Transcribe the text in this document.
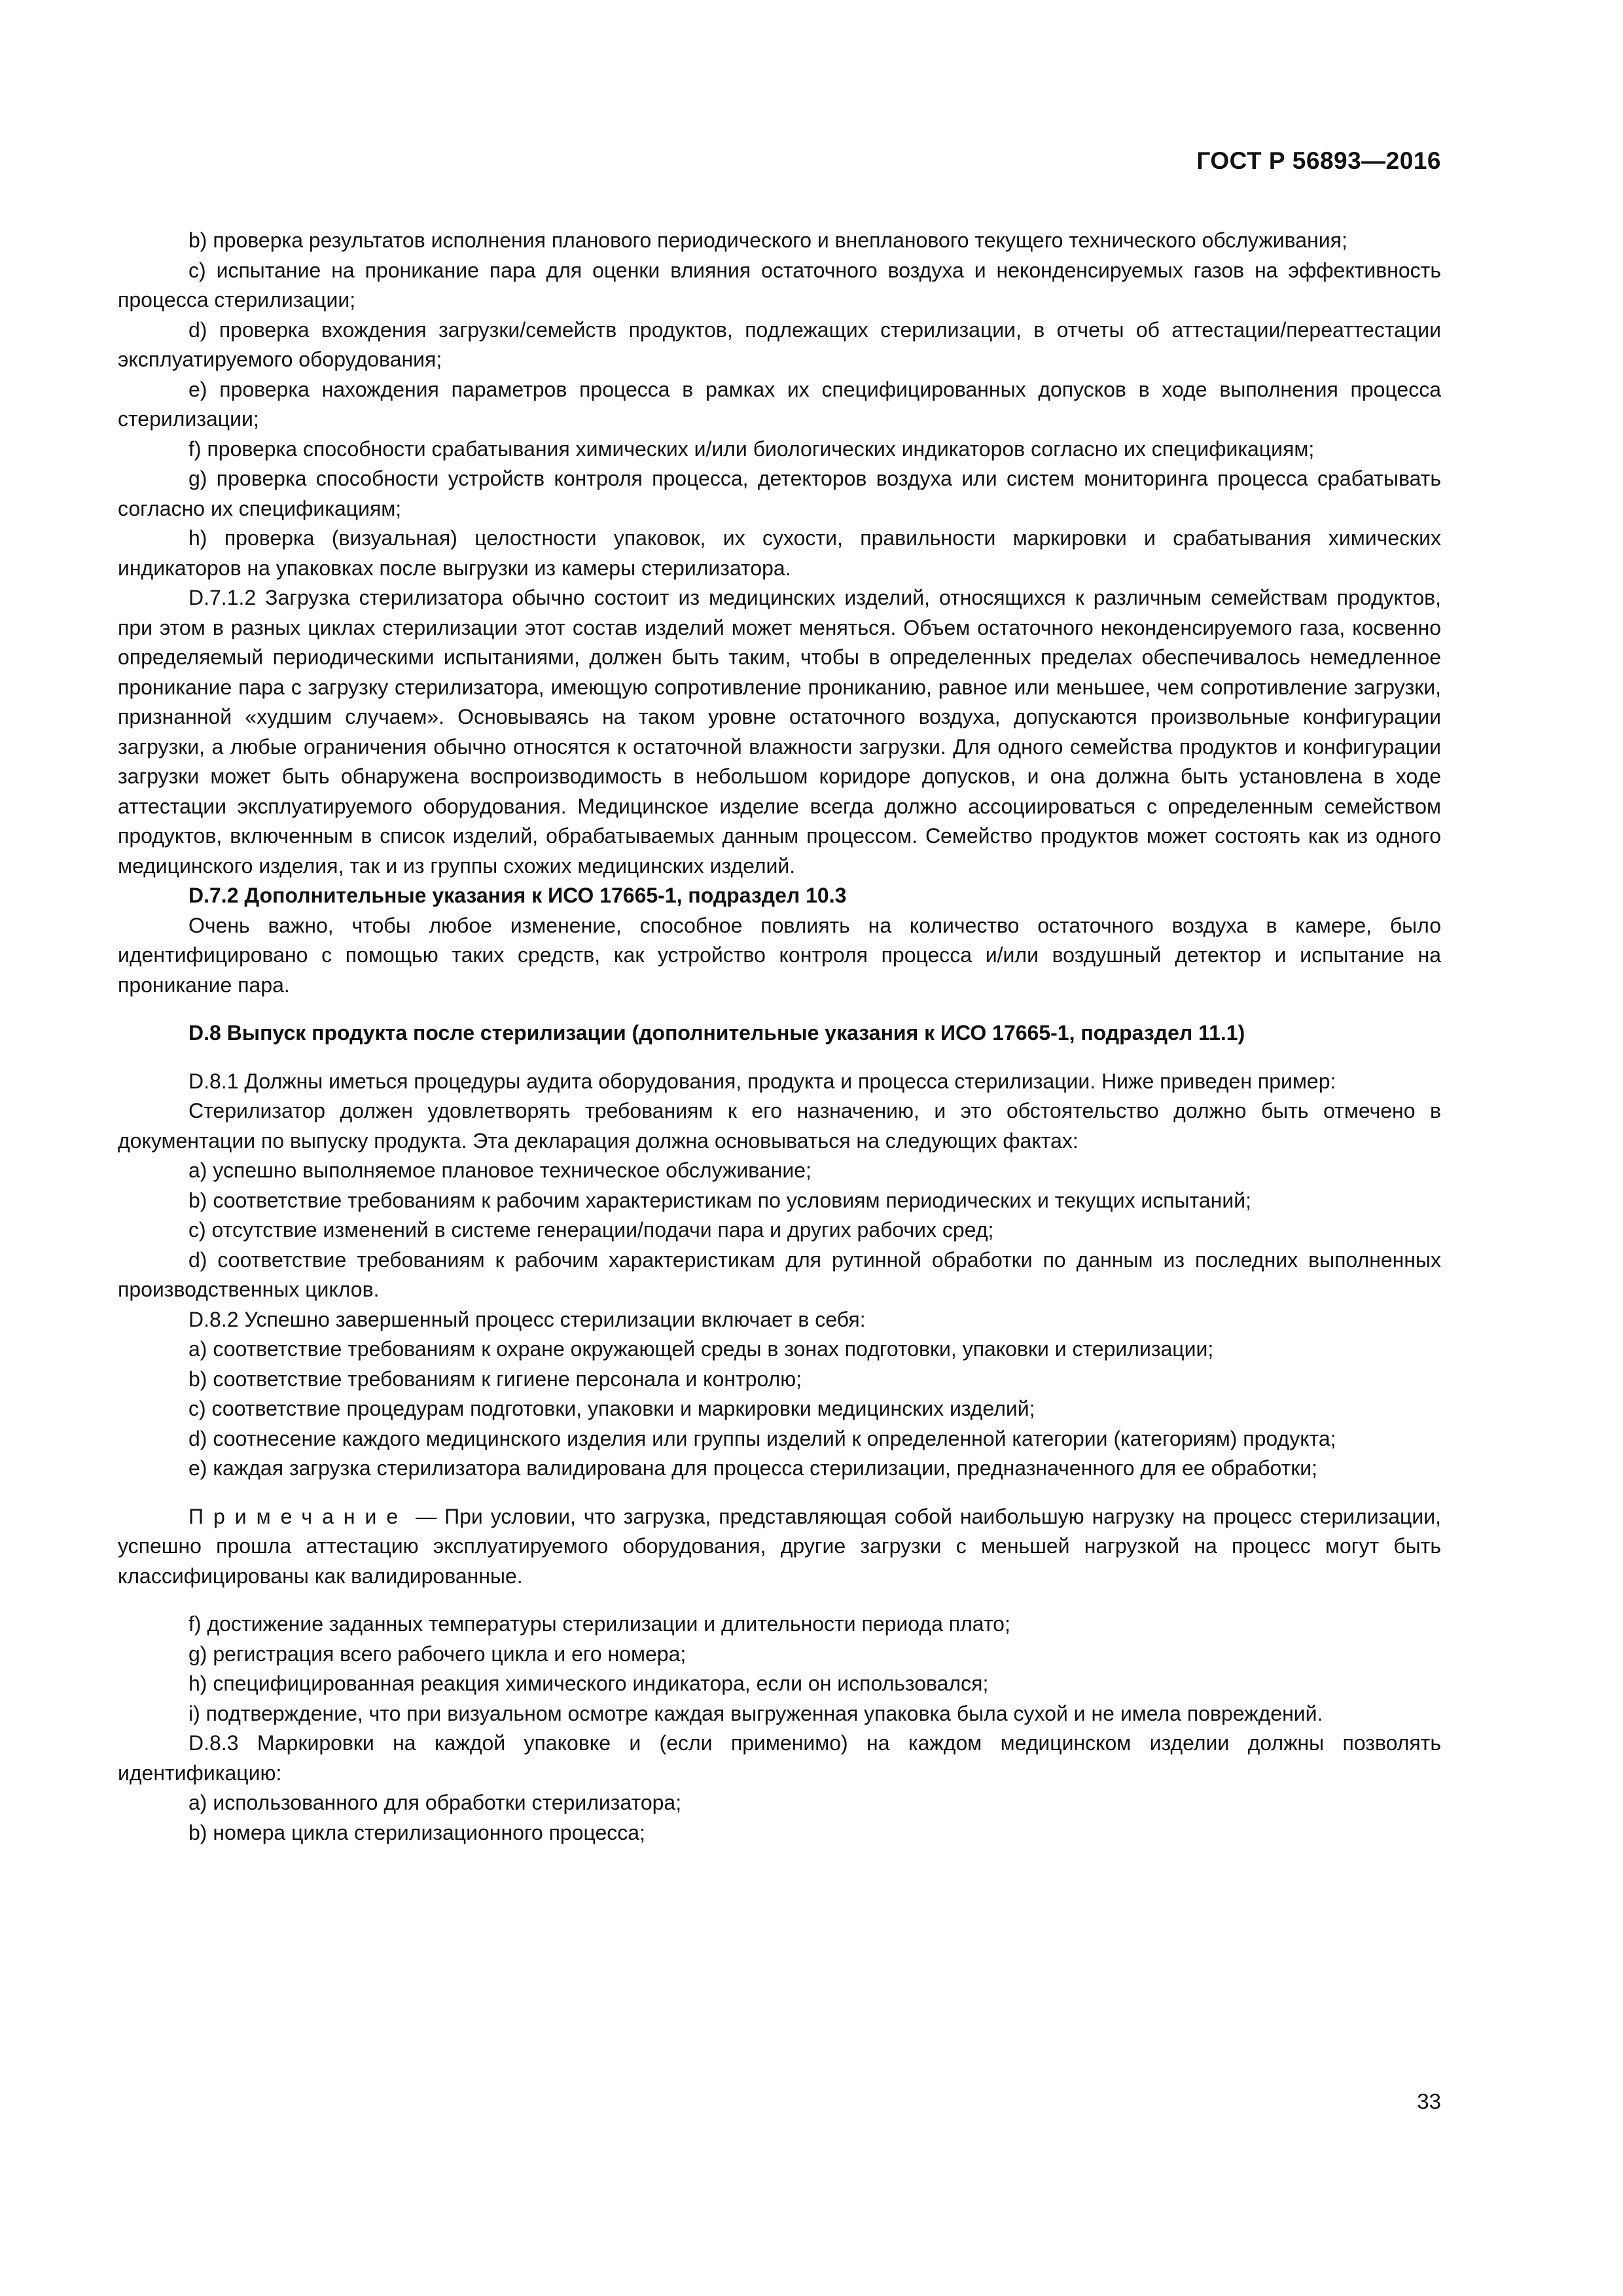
ГОСТ Р 56893—2016

b) проверка результатов исполнения планового периодического и внепланового текущего технического обслуживания;

с) испытание на проникание пара для оценки влияния остаточного воздуха и неконденсируемых газов на эффективность процесса стерилизации;

d) проверка вхождения загрузки/семейств продуктов, подлежащих стерилизации, в отчеты об аттестации/переаттестации эксплуатируемого оборудования;

е) проверка нахождения параметров процесса в рамках их специфицированных допусков в ходе выполнения процесса стерилизации;

f) проверка способности срабатывания химических и/или биологических индикаторов согласно их спецификациям;

g) проверка способности устройств контроля процесса, детекторов воздуха или систем мониторинга процесса срабатывать согласно их спецификациям;

h) проверка (визуальная) целостности упаковок, их сухости, правильности маркировки и срабатывания химических индикаторов на упаковках после выгрузки из камеры стерилизатора.

D.7.1.2 Загрузка стерилизатора обычно состоит из медицинских изделий, относящихся к различным семействам продуктов, при этом в разных циклах стерилизации этот состав изделий может меняться. Объем остаточного неконденсируемого газа, косвенно определяемый периодическими испытаниями, должен быть таким, чтобы в определенных пределах обеспечивалось немедленное проникание пара с загрузку стерилизатора, имеющую сопротивление прониканию, равное или меньшее, чем сопротивление загрузки, признанной «худшим случаем». Основываясь на таком уровне остаточного воздуха, допускаются произвольные конфигурации загрузки, а любые ограничения обычно относятся к остаточной влажности загрузки. Для одного семейства продуктов и конфигурации загрузки может быть обнаружена воспроизводимость в небольшом коридоре допусков, и она должна быть установлена в ходе аттестации эксплуатируемого оборудования. Медицинское изделие всегда должно ассоциироваться с определенным семейством продуктов, включенным в список изделий, обрабатываемых данным процессом. Семейство продуктов может состоять как из одного медицинского изделия, так и из группы схожих медицинских изделий.

D.7.2 Дополнительные указания к ИСО 17665-1, подраздел 10.3

Очень важно, чтобы любое изменение, способное повлиять на количество остаточного воздуха в камере, было идентифицировано с помощью таких средств, как устройство контроля процесса и/или воздушный детектор и испытание на проникание пара.

D.8 Выпуск продукта после стерилизации (дополнительные указания к ИСО 17665-1, подраздел 11.1)

D.8.1 Должны иметься процедуры аудита оборудования, продукта и процесса стерилизации. Ниже приведен пример:

Стерилизатор должен удовлетворять требованиям к его назначению, и это обстоятельство должно быть отмечено в документации по выпуску продукта. Эта декларация должна основываться на следующих фактах:

а) успешно выполняемое плановое техническое обслуживание;

b) соответствие требованиям к рабочим характеристикам по условиям периодических и текущих испытаний;

с) отсутствие изменений в системе генерации/подачи пара и других рабочих сред;

d) соответствие требованиям к рабочим характеристикам для рутинной обработки по данным из последних выполненных производственных циклов.

D.8.2 Успешно завершенный процесс стерилизации включает в себя:

а) соответствие требованиям к охране окружающей среды в зонах подготовки, упаковки и стерилизации;

b) соответствие требованиям к гигиене персонала и контролю;

с) соответствие процедурам подготовки, упаковки и маркировки медицинских изделий;

d) соотнесение каждого медицинского изделия или группы изделий к определенной категории (категориям) продукта;

е) каждая загрузка стерилизатора валидирована для процесса стерилизации, предназначенного для ее обработки;

Примечание — При условии, что загрузка, представляющая собой наибольшую нагрузку на процесс стерилизации, успешно прошла аттестацию эксплуатируемого оборудования, другие загрузки с меньшей нагрузкой на процесс могут быть классифицированы как валидированные.

f) достижение заданных температуры стерилизации и длительности периода плато;

g) регистрация всего рабочего цикла и его номера;

h) специфицированная реакция химического индикатора, если он использовался;

i) подтверждение, что при визуальном осмотре каждая выгруженная упаковка была сухой и не имела повреждений.

D.8.3 Маркировки на каждой упаковке и (если применимо) на каждом медицинском изделии должны позволять идентификацию:

а) использованного для обработки стерилизатора;

b) номера цикла стерилизационного процесса;

33
